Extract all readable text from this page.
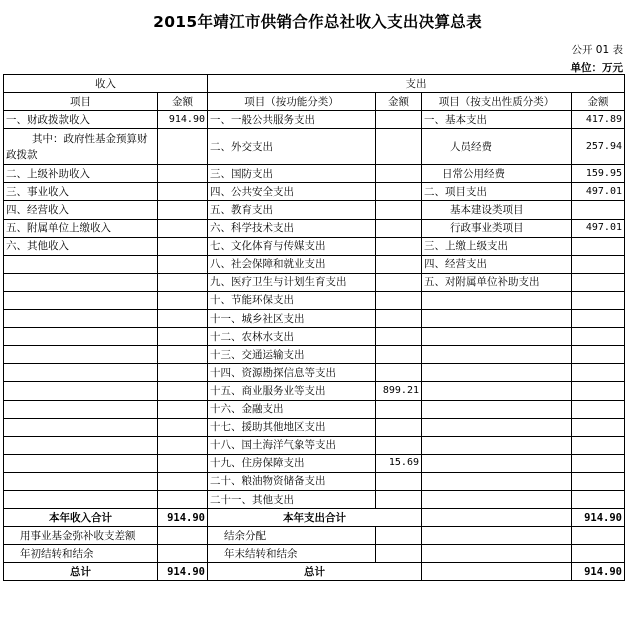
2015年靖江市供销合作总社收入支出决算总表
公开 01 表
单位：万元
收入		支出			
项目	金额	项目（按功能分类）	金额	项目（按支出性质分类）	金额
一、财政拨款收入	914.90	一、一般公共服务支出		一、基本支出	417.89
其中：政府性基金预算财政拨款		二、外交支出		人员经费	257.94
二、上级补助收入		三、国防支出		日常公用经费	159.95
三、事业收入		四、公共安全支出		二、项目支出	497.01
四、经营收入		五、教育支出		基本建设类项目	
五、附属单位上缴收入		六、科学技术支出		行政事业类项目	497.01
六、其他收入		七、文化体育与传媒支出		三、上缴上级支出	
		八、社会保障和就业支出		四、经营支出	
		九、医疗卫生与计划生育支出		五、对附属单位补助支出	
		十、节能环保支出			
		十一、城乡社区支出			
		十二、农林水支出			
		十三、交通运输支出			
		十四、资源勘探信息等支出			
		十五、商业服务业等支出	899.21		
		十六、金融支出			
		十七、援助其他地区支出			
		十八、国土海洋气象等支出			
		十九、住房保障支出	15.69		
		二十、粮油物资储备支出			
		二十一、其他支出			
本年收入合计	914.90	本年支出合计			914.90
用事业基金弥补收支差额		结余分配			
年初结转和结余		年末结转和结余			
总计	914.90	总计			914.90
